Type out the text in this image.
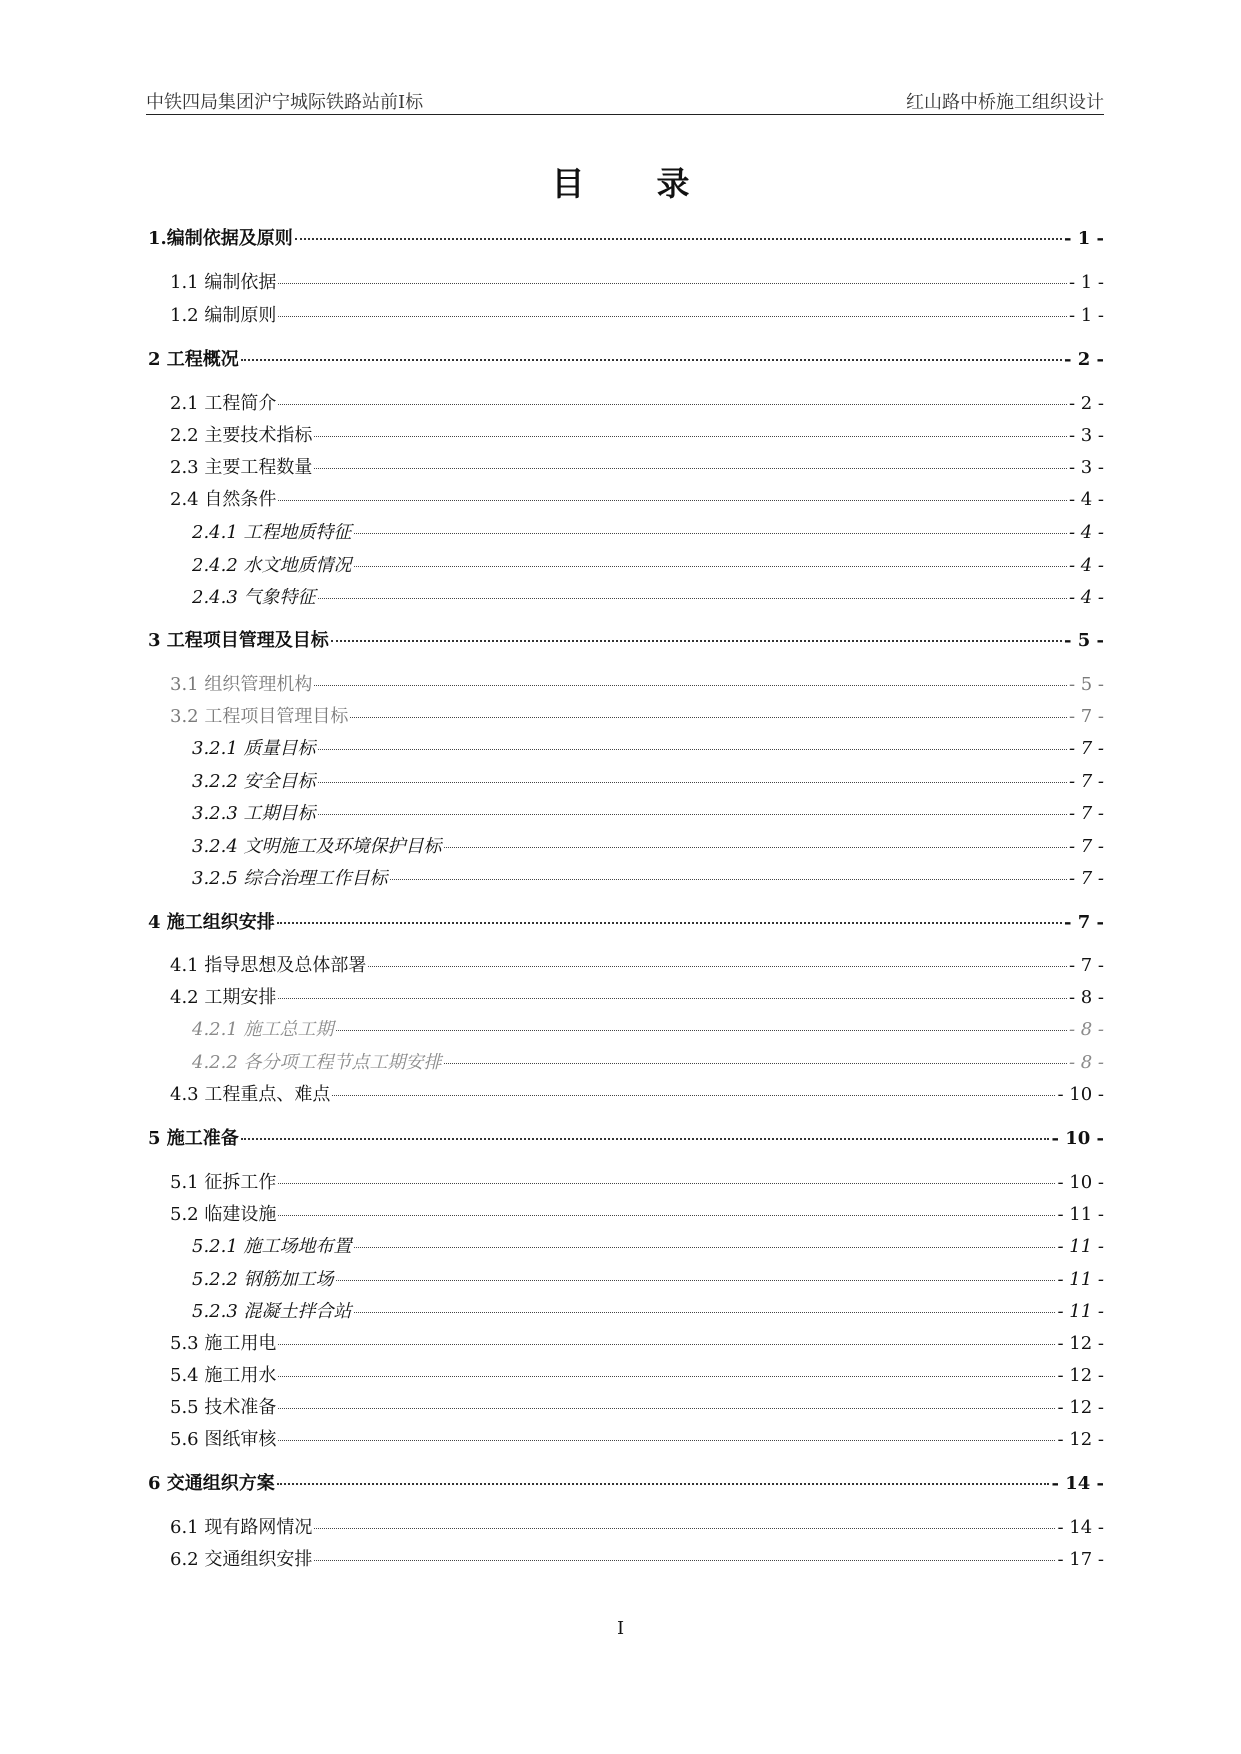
中铁四局集团沪宁城际铁路站前Ⅰ标	红山路中桥施工组织设计
目录
1.编制依据及原则	- 1 -
1.1 编制依据	- 1 -
1.2 编制原则	- 1 -
2 工程概况	- 2 -
2.1 工程简介	- 2 -
2.2 主要技术指标	- 3 -
2.3 主要工程数量	- 3 -
2.4 自然条件	- 4 -
2.4.1 工程地质特征	- 4 -
2.4.2 水文地质情况	- 4 -
2.4.3 气象特征	- 4 -
3 工程项目管理及目标	- 5 -
3.1 组织管理机构	- 5 -
3.2 工程项目管理目标	- 7 -
3.2.1 质量目标	- 7 -
3.2.2 安全目标	- 7 -
3.2.3 工期目标	- 7 -
3.2.4 文明施工及环境保护目标	- 7 -
3.2.5 综合治理工作目标	- 7 -
4 施工组织安排	- 7 -
4.1 指导思想及总体部署	- 7 -
4.2 工期安排	- 8 -
4.2.1 施工总工期	- 8 -
4.2.2 各分项工程节点工期安排	- 8 -
4.3 工程重点、难点	- 10 -
5 施工准备	- 10 -
5.1 征拆工作	- 10 -
5.2 临建设施	- 11 -
5.2.1 施工场地布置	- 11 -
5.2.2 钢筋加工场	- 11 -
5.2.3 混凝土拌合站	- 11 -
5.3 施工用电	- 12 -
5.4 施工用水	- 12 -
5.5 技术准备	- 12 -
5.6 图纸审核	- 12 -
6 交通组织方案	- 14 -
6.1 现有路网情况	- 14 -
6.2 交通组织安排	- 17 -
I
